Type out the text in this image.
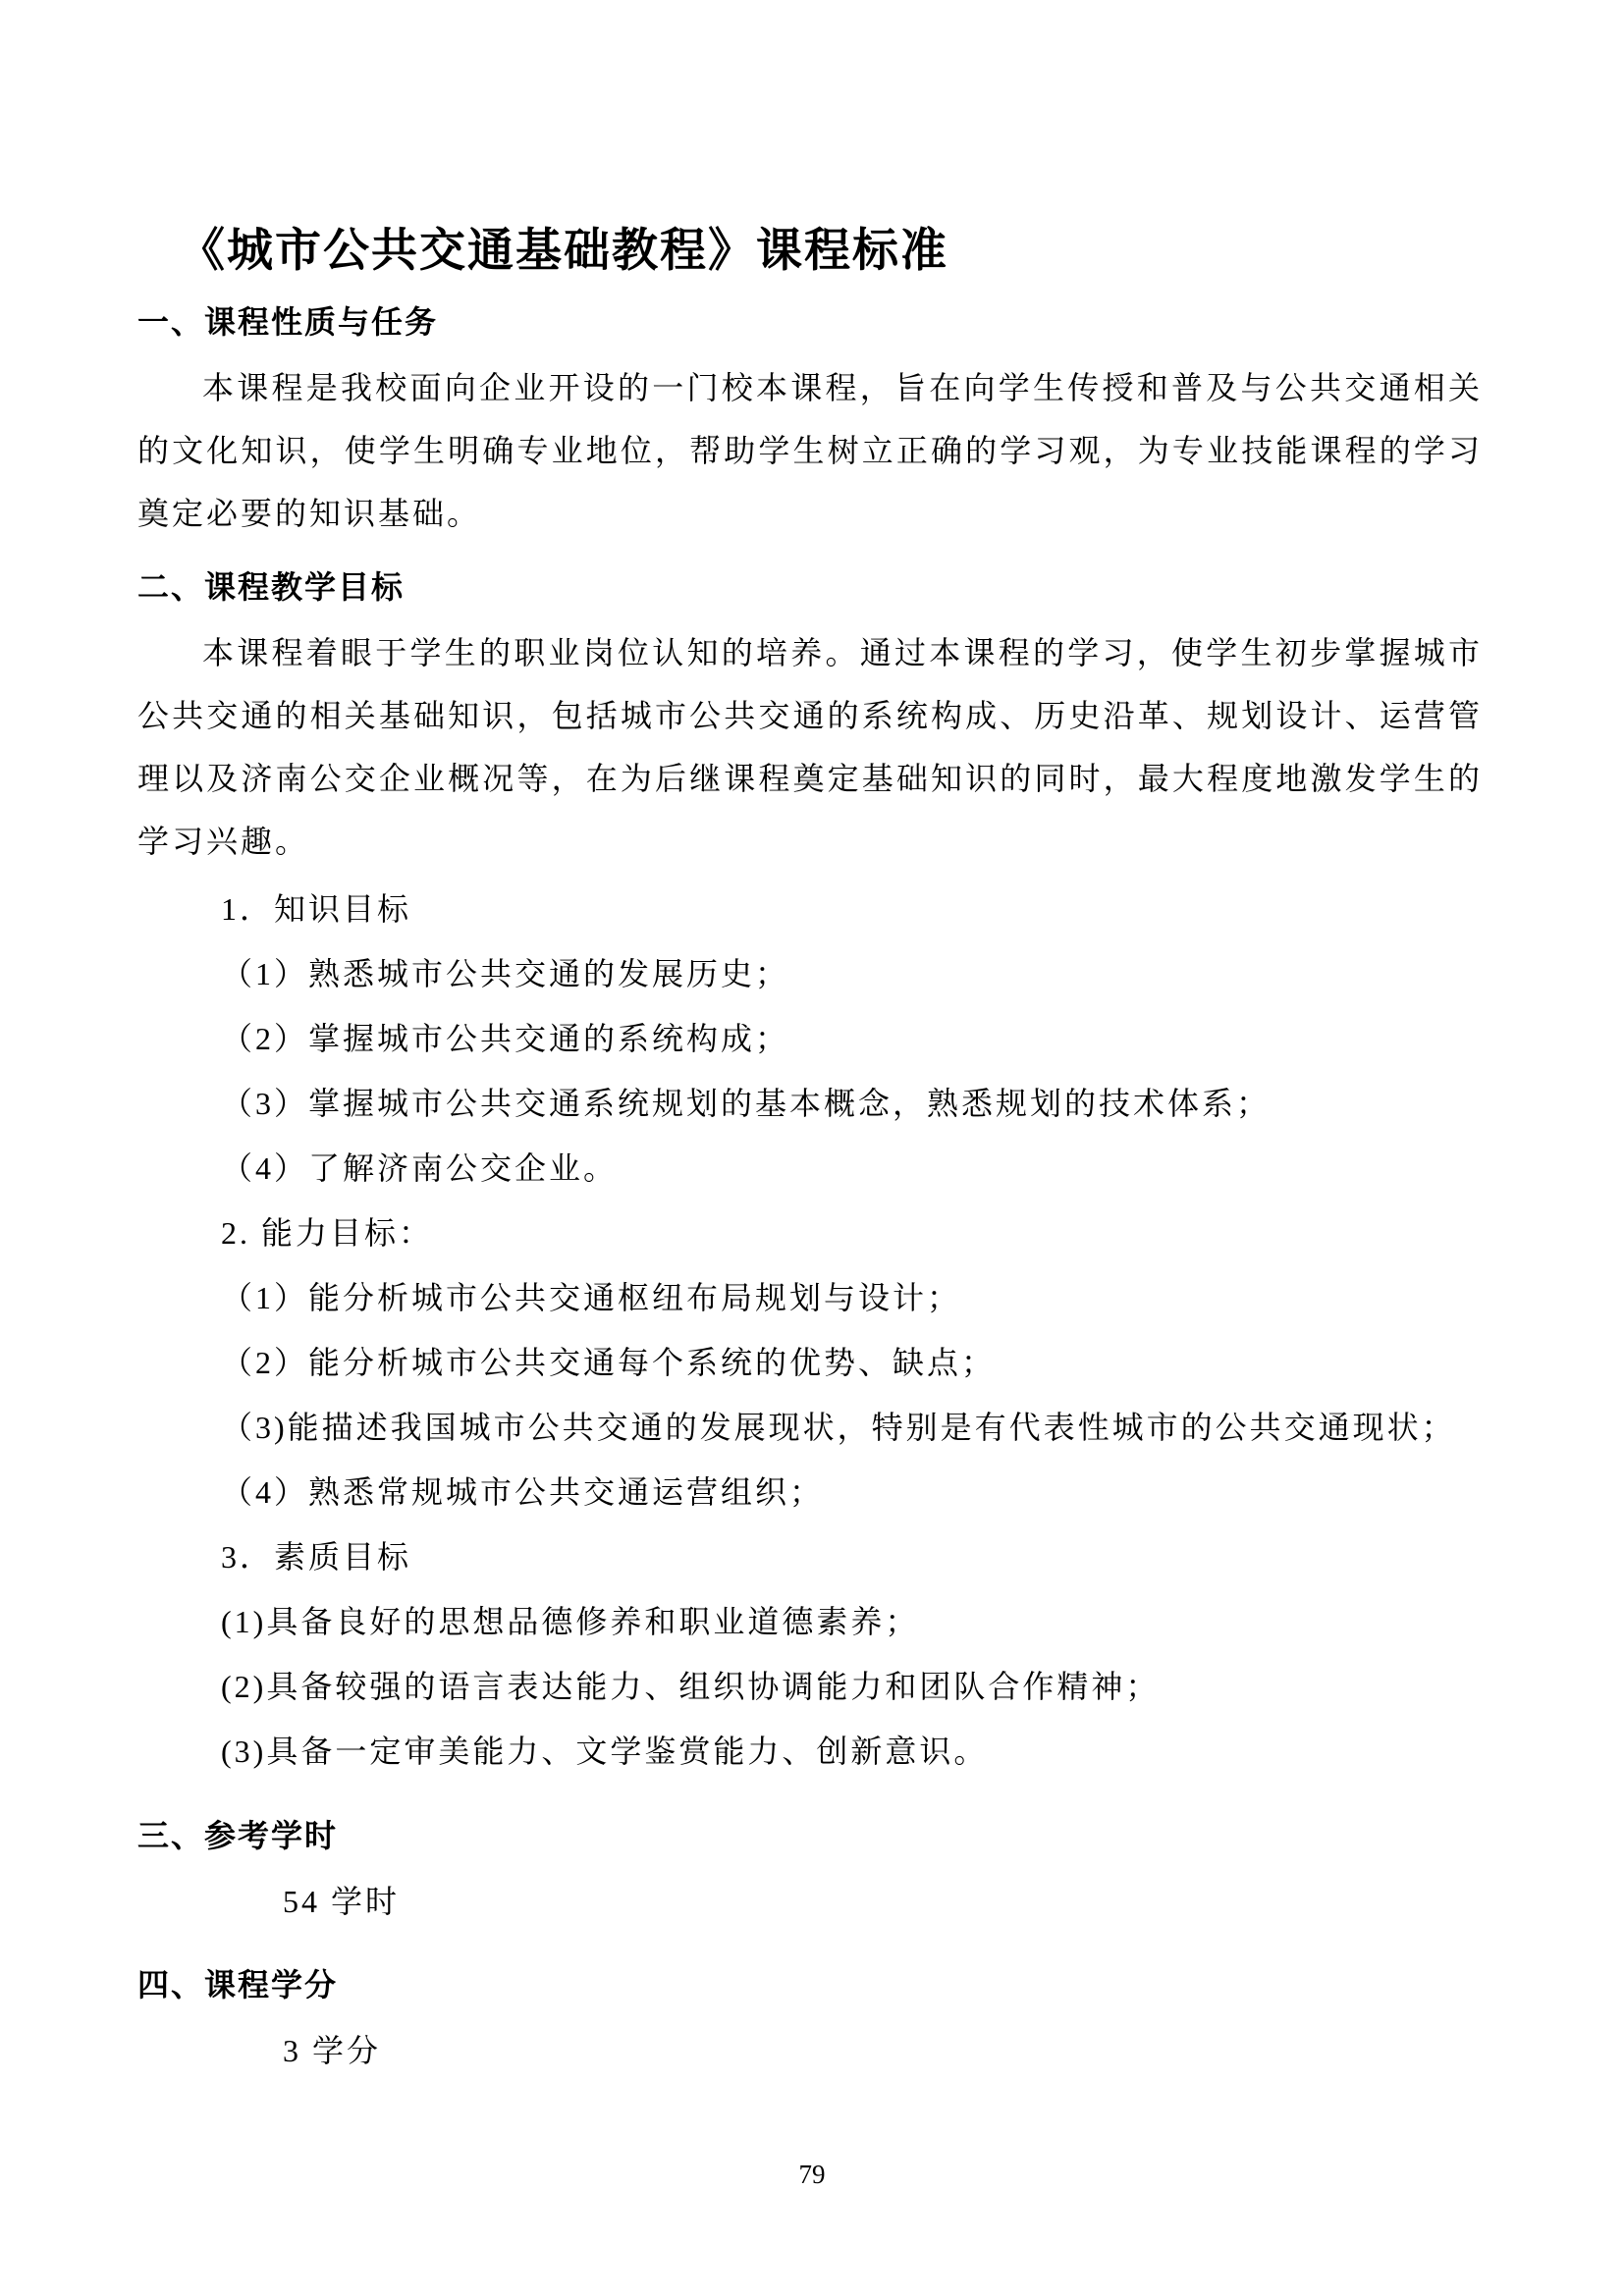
《城市公共交通基础教程》课程标准
一、课程性质与任务

本课程是我校面向企业开设的一门校本课程，旨在向学生传授和普及与公共交通相关的文化知识，使学生明确专业地位，帮助学生树立正确的学习观，为专业技能课程的学习奠定必要的知识基础。

二、课程教学目标

本课程着眼于学生的职业岗位认知的培养。通过本课程的学习，使学生初步掌握城市公共交通的相关基础知识，包括城市公共交通的系统构成、历史沿革、规划设计、运营管理以及济南公交企业概况等，在为后继课程奠定基础知识的同时，最大程度地激发学生的学习兴趣。

1．知识目标
（1）熟悉城市公共交通的发展历史；
（2）掌握城市公共交通的系统构成；
（3）掌握城市公共交通系统规划的基本概念，熟悉规划的技术体系；
（4）了解济南公交企业。
2. 能力目标：
（1）能分析城市公共交通枢纽布局规划与设计；
（2）能分析城市公共交通每个系统的优势、缺点；
（3)能描述我国城市公共交通的发展现状，特别是有代表性城市的公共交通现状；
（4）熟悉常规城市公共交通运营组织；
3．素质目标
(1)具备良好的思想品德修养和职业道德素养；
(2)具备较强的语言表达能力、组织协调能力和团队合作精神；
(3)具备一定审美能力、文学鉴赏能力、创新意识。
三、参考学时
54 学时
四、课程学分
3 学分
79
